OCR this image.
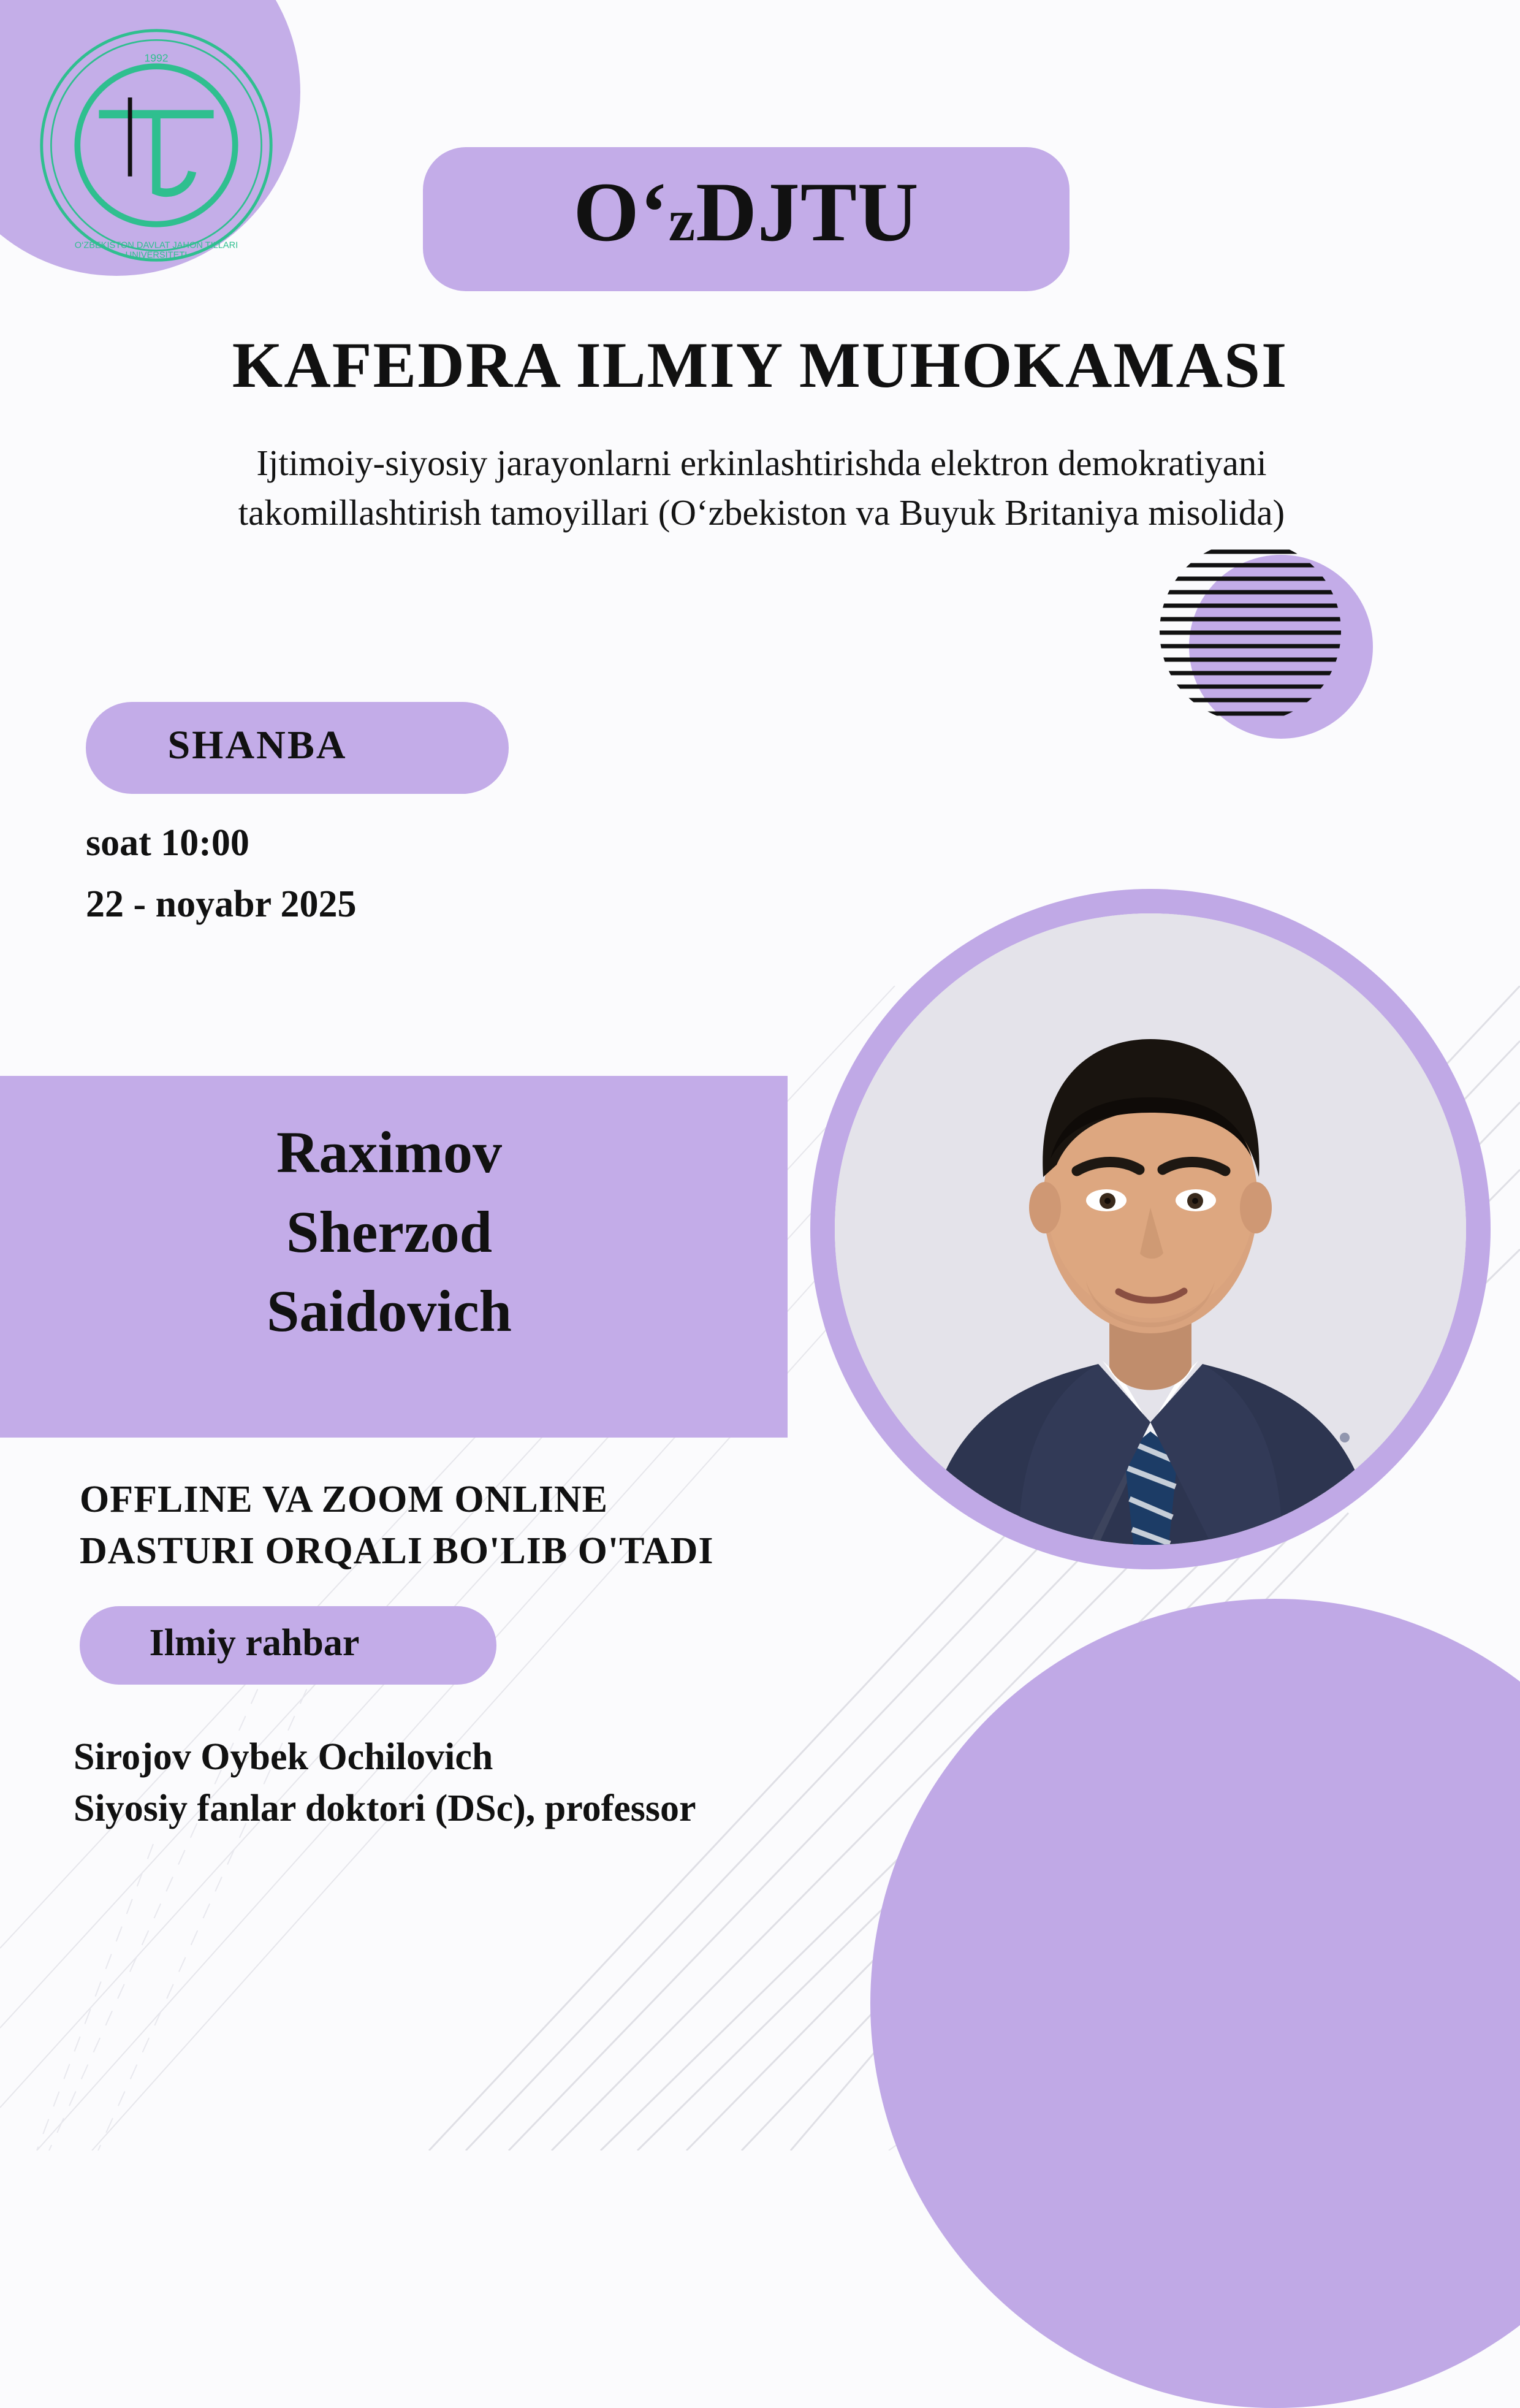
1992
O‘ZBEKISTON DAVLAT JAHON TILLARI
UNIVERSITETI	O‘zDJTU
KAFEDRA ILMIY MUHOKAMASI
Ijtimoiy-siyosiy jarayonlarni erkinlashtirishda elektron demokratiyani
takomillashtirish tamoyillari (O‘zbekiston va Buyuk Britaniya misolida)
SHANBA
soat 10:00
22 - noyabr 2025
Raximov
Sherzod
Saidovich
OFFLINE VA ZOOM ONLINE
DASTURI ORQALI BO'LIB O'TADI
Ilmiy rahbar
Sirojov Oybek Ochilovich
Siyosiy fanlar doktori (DSc), professor
